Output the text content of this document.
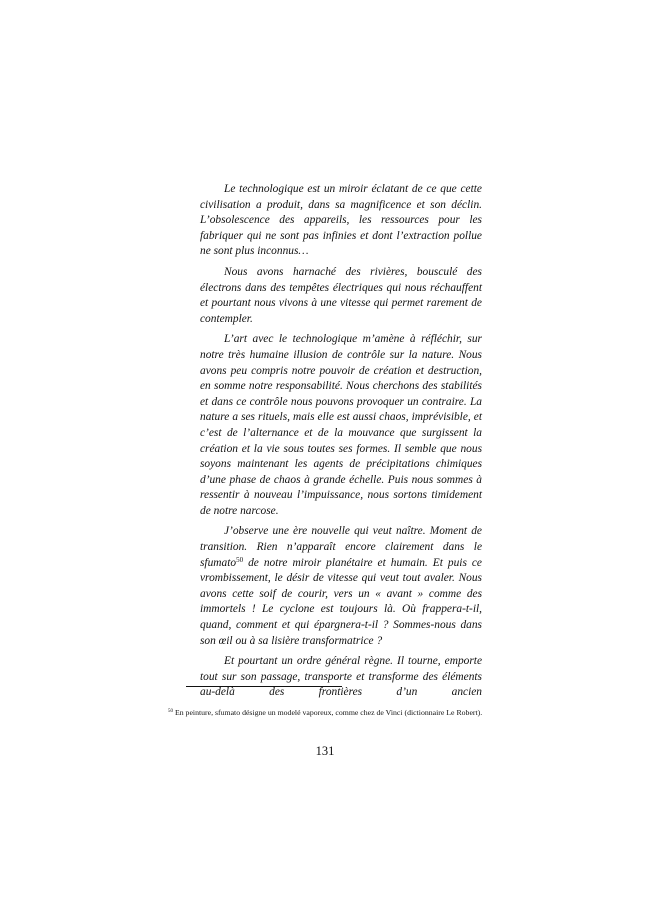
Le technologique est un miroir éclatant de ce que cette civilisation a produit, dans sa magnificence et son déclin. L’obsolescence des appareils, les ressources pour les fabriquer qui ne sont pas infinies et dont l’extraction pollue ne sont plus inconnus…

Nous avons harnaché des rivières, bousculé des électrons dans des tempêtes électriques qui nous réchauffent et pourtant nous vivons à une vitesse qui permet rarement de contempler.

L’art avec le technologique m’amène à réfléchir, sur notre très humaine illusion de contrôle sur la nature. Nous avons peu compris notre pouvoir de création et destruction, en somme notre responsabilité. Nous cherchons des stabilités et dans ce contrôle nous pouvons provoquer un contraire. La nature a ses rituels, mais elle est aussi chaos, imprévisible, et c’est de l’alternance et de la mouvance que surgissent la création et la vie sous toutes ses formes. Il semble que nous soyons maintenant les agents de précipitations chimiques d’une phase de chaos à grande échelle. Puis nous sommes à ressentir à nouveau l’impuissance, nous sortons timidement de notre narcose.

J’observe une ère nouvelle qui veut naître. Moment de transition. Rien n’apparaît encore clairement dans le sfumato$^{50}$ de notre miroir planétaire et humain. Et puis ce vrombissement, le désir de vitesse qui veut tout avaler. Nous avons cette soif de courir, vers un « avant » comme des immortels ! Le cyclone est toujours là. Où frappera-t-il, quand, comment et qui épargnera-t-il ? Sommes-nous dans son œil ou à sa lisière transformatrice ?

Et pourtant un ordre général règne. Il tourne, emporte tout sur son passage, transporte et transforme des éléments au-delà des frontières d’un ancien

$^{50}$ En peinture, sfumato désigne un modelé vaporeux, comme chez de Vinci (dictionnaire Le Robert).
131
